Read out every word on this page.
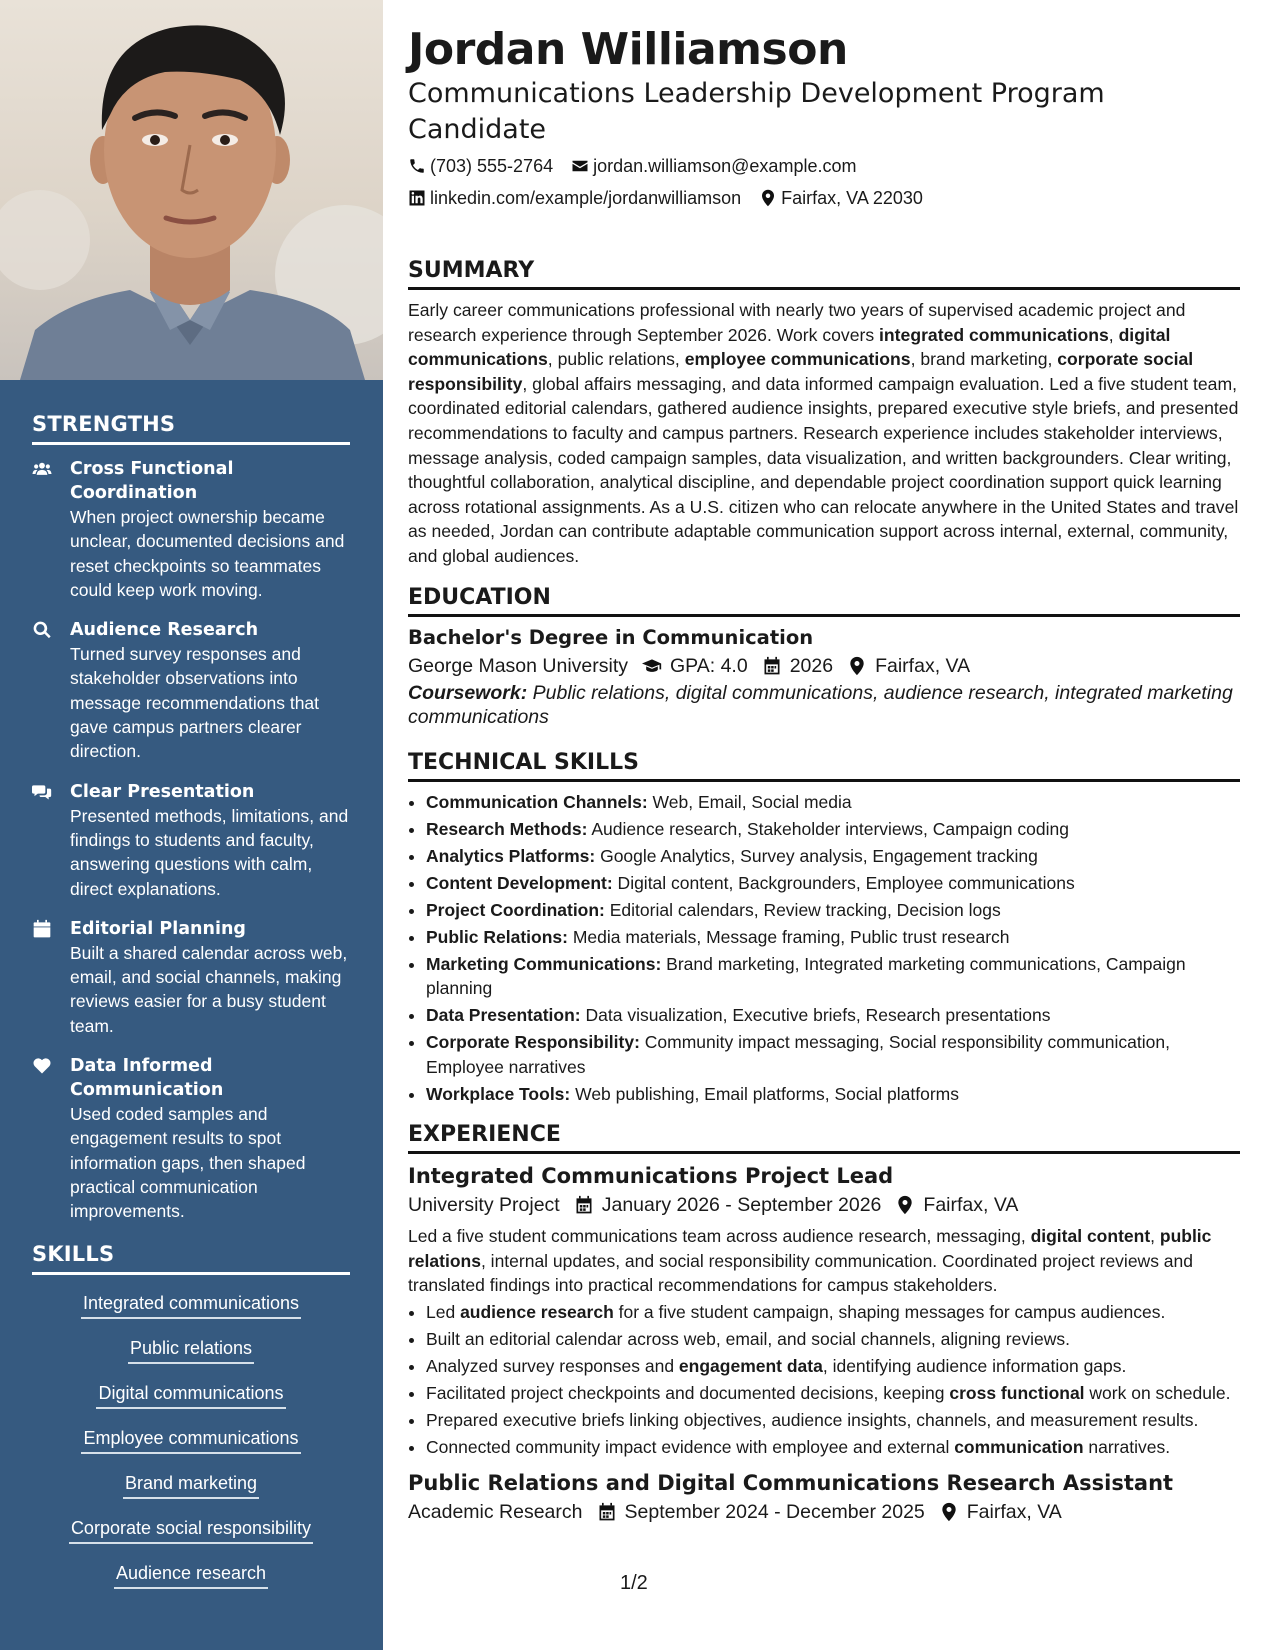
STRENGTHS
Cross Functional Coordination
When project ownership became unclear, documented decisions and reset checkpoints so teammates could keep work moving.
Audience Research
Turned survey responses and stakeholder observations into message recommendations that gave campus partners clearer direction.
Clear Presentation
Presented methods, limitations, and findings to students and faculty, answering questions with calm, direct explanations.
Editorial Planning
Built a shared calendar across web, email, and social channels, making reviews easier for a busy student team.
Data Informed Communication
Used coded samples and engagement results to spot information gaps, then shaped practical communication improvements.
SKILLS
Integrated communications
Public relations
Digital communications
Employee communications
Brand marketing
Corporate social responsibility
Audience research
Jordan Williamson
Communications Leadership Development Program Candidate
(703) 555-2764 jordan.williamson@example.com
linkedin.com/example/jordanwilliamson Fairfax, VA 22030
SUMMARY

Early career communications professional with nearly two years of supervised academic project and research experience through September 2026. Work covers integrated communications, digital communications, public relations, employee communications, brand marketing, corporate social responsibility, global affairs messaging, and data informed campaign evaluation. Led a five student team, coordinated editorial calendars, gathered audience insights, prepared executive style briefs, and presented recommendations to faculty and campus partners. Research experience includes stakeholder interviews, message analysis, coded campaign samples, data visualization, and written backgrounders. Clear writing, thoughtful collaboration, analytical discipline, and dependable project coordination support quick learning across rotational assignments. As a U.S. citizen who can relocate anywhere in the United States and travel as needed, Jordan can contribute adaptable communication support across internal, external, community, and global audiences.

EDUCATION
Bachelor's Degree in Communication
George Mason University GPA: 4.0 2026 Fairfax, VA
Coursework: Public relations, digital communications, audience research, integrated marketing communications
TECHNICAL SKILLS
• Communication Channels: Web, Email, Social media
• Research Methods: Audience research, Stakeholder interviews, Campaign coding
• Analytics Platforms: Google Analytics, Survey analysis, Engagement tracking
• Content Development: Digital content, Backgrounders, Employee communications
• Project Coordination: Editorial calendars, Review tracking, Decision logs
• Public Relations: Media materials, Message framing, Public trust research
• Marketing Communications: Brand marketing, Integrated marketing communications, Campaign planning
• Data Presentation: Data visualization, Executive briefs, Research presentations
• Corporate Responsibility: Community impact messaging, Social responsibility communication, Employee narratives
• Workplace Tools: Web publishing, Email platforms, Social platforms
EXPERIENCE
Integrated Communications Project Lead
University Project January 2026 - September 2026 Fairfax, VA
Led a five student communications team across audience research, messaging, digital content, public relations, internal updates, and social responsibility communication. Coordinated project reviews and translated findings into practical recommendations for campus stakeholders.
• Led audience research for a five student campaign, shaping messages for campus audiences.
• Built an editorial calendar across web, email, and social channels, aligning reviews.
• Analyzed survey responses and engagement data, identifying audience information gaps.
• Facilitated project checkpoints and documented decisions, keeping cross functional work on schedule.
• Prepared executive briefs linking objectives, audience insights, channels, and measurement results.
• Connected community impact evidence with employee and external communication narratives.
Public Relations and Digital Communications Research Assistant
Academic Research September 2024 - December 2025 Fairfax, VA
1/2
